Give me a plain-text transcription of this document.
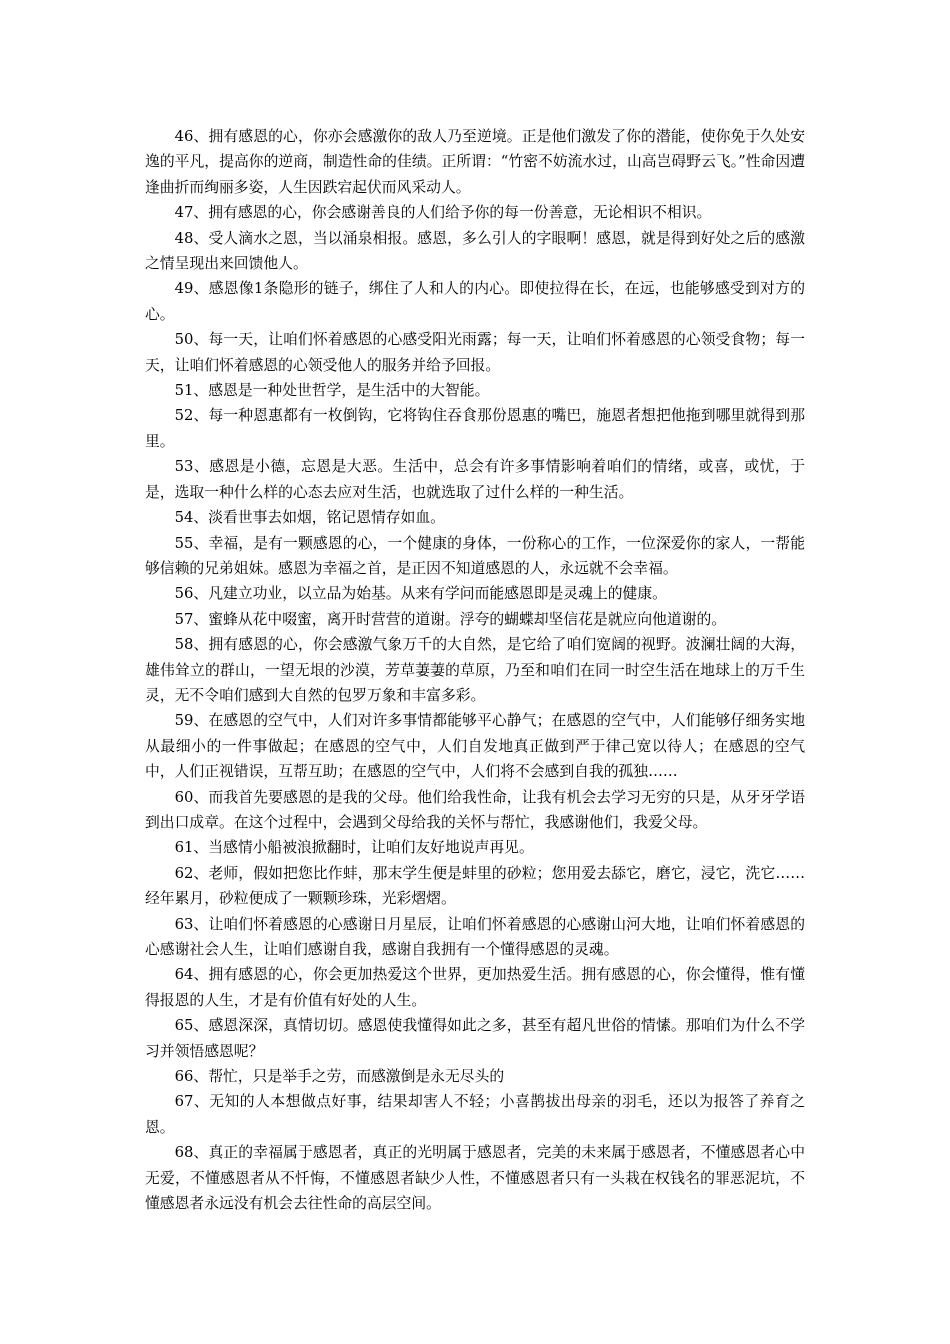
46、拥有感恩的心，你亦会感激你的敌人乃至逆境。正是他们激发了你的潜能，使你免于久处安逸的平凡，提高你的逆商，制造性命的佳绩。正所谓：“竹密不妨流水过，山高岂碍野云飞。”性命因遭逢曲折而绚丽多姿，人生因跌宕起伏而风采动人。

47、拥有感恩的心，你会感谢善良的人们给予你的每一份善意，无论相识不相识。

48、受人滴水之恩，当以涌泉相报。感恩，多么引人的字眼啊！感恩，就是得到好处之后的感激之情呈现出来回馈他人。

49、感恩像1条隐形的链子，绑住了人和人的内心。即使拉得在长，在远，也能够感受到对方的心。

50、每一天，让咱们怀着感恩的心感受阳光雨露；每一天，让咱们怀着感恩的心领受食物；每一天，让咱们怀着感恩的心领受他人的服务并给予回报。

51、感恩是一种处世哲学，是生活中的大智能。

52、每一种恩惠都有一枚倒钩，它将钩住吞食那份恩惠的嘴巴，施恩者想把他拖到哪里就得到那里。

53、感恩是小德，忘恩是大恶。生活中，总会有许多事情影响着咱们的情绪，或喜，或忧，于是，选取一种什么样的心态去应对生活，也就选取了过什么样的一种生活。

54、淡看世事去如烟，铭记恩情存如血。

55、幸福，是有一颗感恩的心，一个健康的身体，一份称心的工作，一位深爱你的家人，一帮能够信赖的兄弟姐妹。感恩为幸福之首，是正因不知道感恩的人，永远就不会幸福。

56、凡建立功业，以立品为始基。从来有学问而能感恩即是灵魂上的健康。

57、蜜蜂从花中啜蜜，离开时营营的道谢。浮夸的蝴蝶却坚信花是就应向他道谢的。

58、拥有感恩的心，你会感激气象万千的大自然，是它给了咱们宽阔的视野。波澜壮阔的大海，雄伟耸立的群山，一望无垠的沙漠，芳草萋萋的草原，乃至和咱们在同一时空生活在地球上的万千生灵，无不令咱们感到大自然的包罗万象和丰富多彩。

59、在感恩的空气中，人们对许多事情都能够平心静气；在感恩的空气中，人们能够仔细务实地从最细小的一件事做起；在感恩的空气中，人们自发地真正做到严于律己宽以待人；在感恩的空气中，人们正视错误，互帮互助；在感恩的空气中，人们将不会感到自我的孤独……

60、而我首先要感恩的是我的父母。他们给我性命，让我有机会去学习无穷的只是，从牙牙学语到出口成章。在这个过程中，会遇到父母给我的关怀与帮忙，我感谢他们，我爱父母。

61、当感情小船被浪掀翻时，让咱们友好地说声再见。

62、老师，假如把您比作蚌，那末学生便是蚌里的砂粒；您用爱去舔它，磨它，浸它，洗它……经年累月，砂粒便成了一颗颗珍珠，光彩熠熠。

63、让咱们怀着感恩的心感谢日月星辰，让咱们怀着感恩的心感谢山河大地，让咱们怀着感恩的心感谢社会人生，让咱们感谢自我，感谢自我拥有一个懂得感恩的灵魂。

64、拥有感恩的心，你会更加热爱这个世界，更加热爱生活。拥有感恩的心，你会懂得，惟有懂得报恩的人生，才是有价值有好处的人生。

65、感恩深深，真情切切。感恩使我懂得如此之多，甚至有超凡世俗的情愫。那咱们为什么不学习并领悟感恩呢？

66、帮忙，只是举手之劳，而感激倒是永无尽头的

67、无知的人本想做点好事，结果却害人不轻；小喜鹊拔出母亲的羽毛，还以为报答了养育之恩。

68、真正的幸福属于感恩者，真正的光明属于感恩者，完美的未来属于感恩者，不懂感恩者心中无爱，不懂感恩者从不忏悔，不懂感恩者缺少人性，不懂感恩者只有一头栽在权钱名的罪恶泥坑，不懂感恩者永远没有机会去往性命的高层空间。
